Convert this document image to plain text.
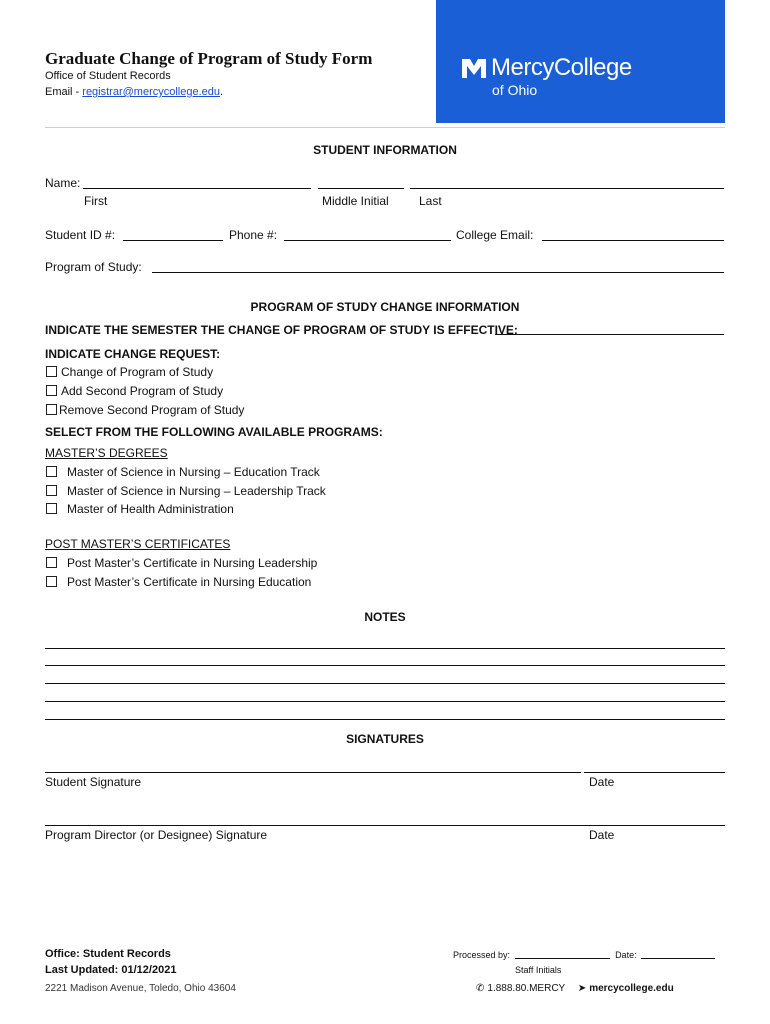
Graduate Change of Program of Study Form
Office of Student Records
Email - registrar@mercycollege.edu.
MercyCollege
of Ohio
STUDENT INFORMATION
Name:
First	Middle Initial	Last
Student ID #:	Phone #:	College Email:
Program of Study:
PROGRAM OF STUDY CHANGE INFORMATION
INDICATE THE SEMESTER THE CHANGE OF PROGRAM OF STUDY IS EFFECTIVE:
INDICATE CHANGE REQUEST:
Change of Program of Study
Add Second Program of Study
Remove Second Program of Study
SELECT FROM THE FOLLOWING AVAILABLE PROGRAMS:
MASTER’S DEGREES
Master of Science in Nursing – Education Track
Master of Science in Nursing – Leadership Track
Master of Health Administration
POST MASTER’S CERTIFICATES
Post Master’s Certificate in Nursing Leadership
Post Master’s Certificate in Nursing Education
NOTES
SIGNATURES
Student Signature	Date
Program Director (or Designee) Signature	Date
Office: Student Records
Last Updated: 01/12/2021
2221 Madison Avenue, Toledo, Ohio 43604
Processed by:	Date:
Staff Initials
✆ 1.888.80.MERCY ➤ mercycollege.edu
